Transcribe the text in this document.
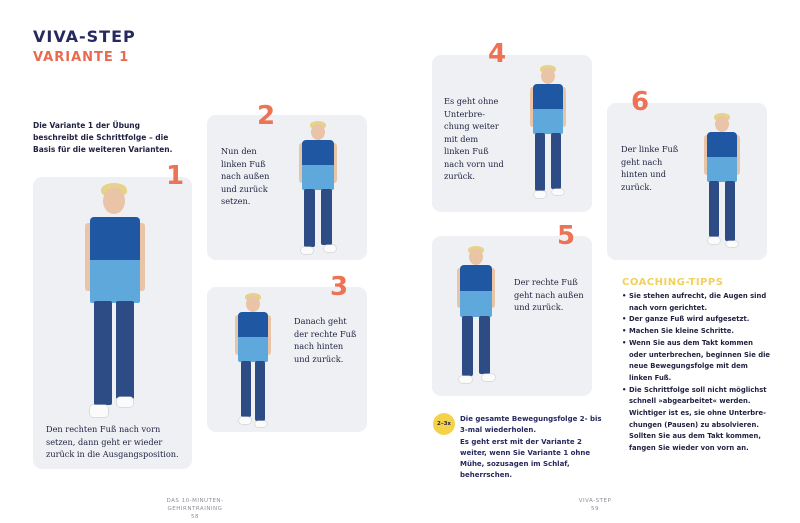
VIVA-STEP
VARIANTE 1
Die Variante 1 der Übung beschreibt die Schrittfolge – die Basis für die weiteren Varianten.
1
Den rechten Fuß nach vorn setzen, dann geht er wieder zurück in die Ausgangsposition.
2
Nun den linken Fuß nach außen und zurück setzen.
3
Danach geht der rechte Fuß nach hinten und zurück.
DAS 10-MINUTEN-GEHIRNTRAINING
58
4
Es geht ohne Unterbre-chung weiter mit dem linken Fuß nach vorn und zurück.
6
Der linke Fuß geht nach hinten und zurück.
5
Der rechte Fuß geht nach außen und zurück.
2–3x
Die gesamte Bewegungsfolge 2- bis 3-mal wiederholen.
Es geht erst mit der Variante 2 weiter, wenn Sie Variante 1 ohne Mühe, sozusagen im Schlaf, beherrschen.
COACHING-TIPPS
• Sie stehen aufrecht, die Augen sind nach vorn gerichtet.
• Der ganze Fuß wird aufgesetzt.
• Machen Sie kleine Schritte.
• Wenn Sie aus dem Takt kommen oder unterbrechen, beginnen Sie die neue Bewegungsfolge mit dem linken Fuß.
• Die Schrittfolge soll nicht möglichst schnell »abgearbeitet« werden.
Wichtiger ist es, sie ohne Unterbre-chungen (Pausen) zu absolvieren. Sollten Sie aus dem Takt kommen, fangen Sie wieder von vorn an.
VIVA-STEP
59
